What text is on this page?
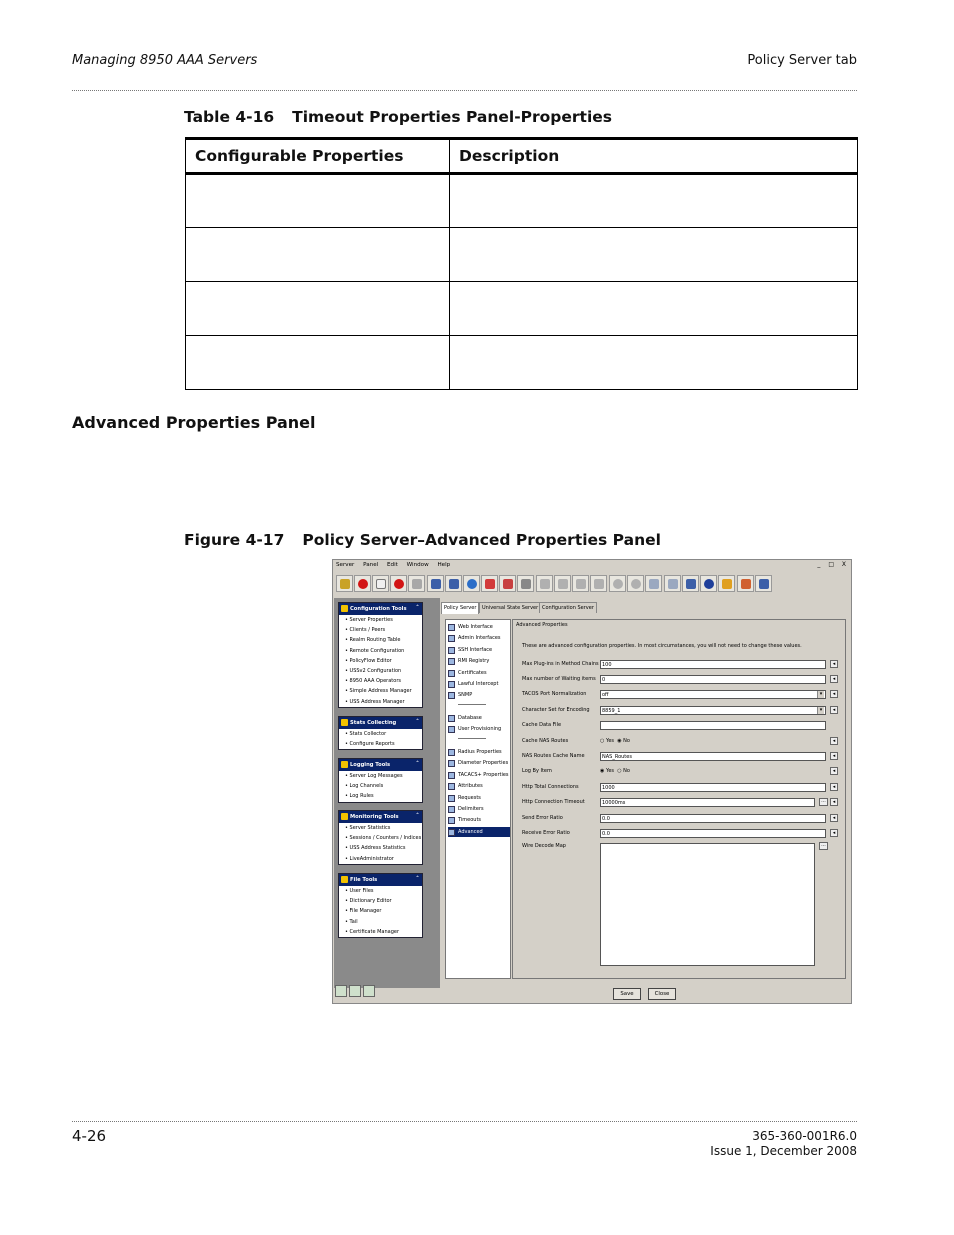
Managing 8950 AAA Servers	Policy Server tab
Table 4-16 Timeout Properties Panel-Properties
Configurable Properties	Description

Advanced Properties Panel
Figure 4-17 Policy Server–Advanced Properties Panel
Server Panel Edit Window Help	_ □ X
Configuration Tools ˆ
• Server Properties
• Clients / Peers
• Realm Routing Table
• Remote Configuration
• PolicyFlow Editor
• USSv2 Configuration
• 8950 AAA Operators
• Simple Address Manager
• USS Address Manager
Stats Collecting	ˆ
• Stats Collector
• Configure Reports
Logging Tools	ˆ
• Server Log Messages
• Log Channels
• Log Rules
Monitoring Tools	ˆ
• Server Statistics
• Sessions / Counters / Indices
• USS Address Statistics
• LiveAdministrator
File Tools	ˆ
• User Files
• Dictionary Editor
• File Manager
• Tail
• Certificate Manager
Policy Server	Universal State Server Configuration Server
Web Interface
Admin Interfaces
SSH Interface
RMI Registry
Certificates
Lawful Intercept
SNMP
Database
User Provisioning
Radius Properties
Diameter Properties
TACACS+ Properties
Attributes
Requests
Delimiters
Timeouts
Advanced
Advanced Properties
These are advanced configuration properties. In most circumstances, you will not need to change these values.
Max Plug-ins in Method Chains 100	◂
Max number of Waiting items	0	◂
TACOS Port Normalization	off	▾	◂
Character Set for Encoding	8859_1	▾	◂
Cache Data File
Cache NAS Routes	○ Yes  ◉ No	◂
NAS Routes Cache Name	NAS_Routes	◂
Log By Item	◉ Yes  ○ No	◂
Http Total Connections	1000	◂
Http Connection Timeout	10000ms	...	◂
Send Error Ratio	0.0	◂
Receive Error Ratio	0.0	◂
Wire Decode Map	...
Save	Close
4-26	365-360-001R6.0
Issue 1, December 2008
